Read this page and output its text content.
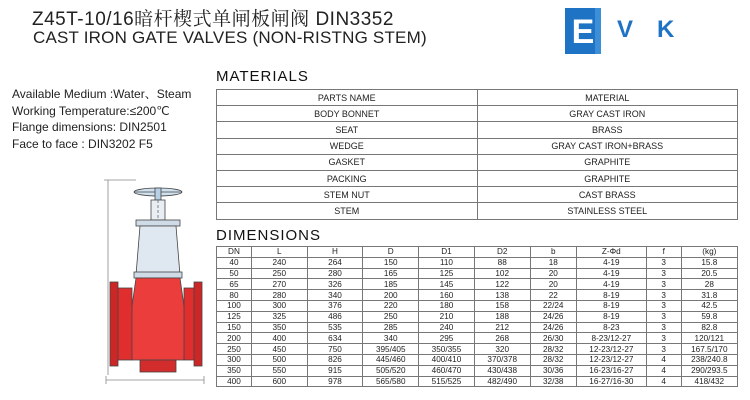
Z45T-10/16暗杆楔式单闸板闸阀 DIN3352
CAST IRON GATE VALVES (NON-RISTNG STEM)	E VK
Available Medium :Water、Steam
Working Temperature:≤200℃
Flange dimensions: DIN2501
Face to face : DIN3202 F5
MATERIALS
PARTS NAME	MATERIAL
BODY BONNET	GRAY CAST IRON
SEAT	BRASS
WEDGE	GRAY CAST IRON+BRASS
GASKET	GRAPHITE
PACKING	GRAPHITE
STEM NUT	CAST BRASS
STEM	STAINLESS STEEL
DIMENSIONS
DN	L	H	D	D1	D2	b	Z-Φd	f	(kg)
40	240	264	150	110	88	18	4-19	3	15.8
50	250	280	165	125	102	20	4-19	3	20.5
65	270	326	185	145	122	20	4-19	3	28
80	280	340	200	160	138	22	8-19	3	31.8
100	300	376	220	180	158	22/24	8-19	3	42.5
125	325	486	250	210	188	24/26	8-19	3	59.8
150	350	535	285	240	212	24/26	8-23	3	82.8
200	400	634	340	295	268	26/30	8-23/12-27	3	120/121
250	450	750	395/405	350/355	320	28/32	12-23/12-27	3	167.5/170
300	500	826	445/460	400/410	370/378	28/32	12-23/12-27	4	238/240.8
350	550	915	505/520	460/470	430/438	30/36	16-23/16-27	4	290/293.5
400	600	978	565/580	515/525	482/490	32/38	16-27/16-30	4	418/432
